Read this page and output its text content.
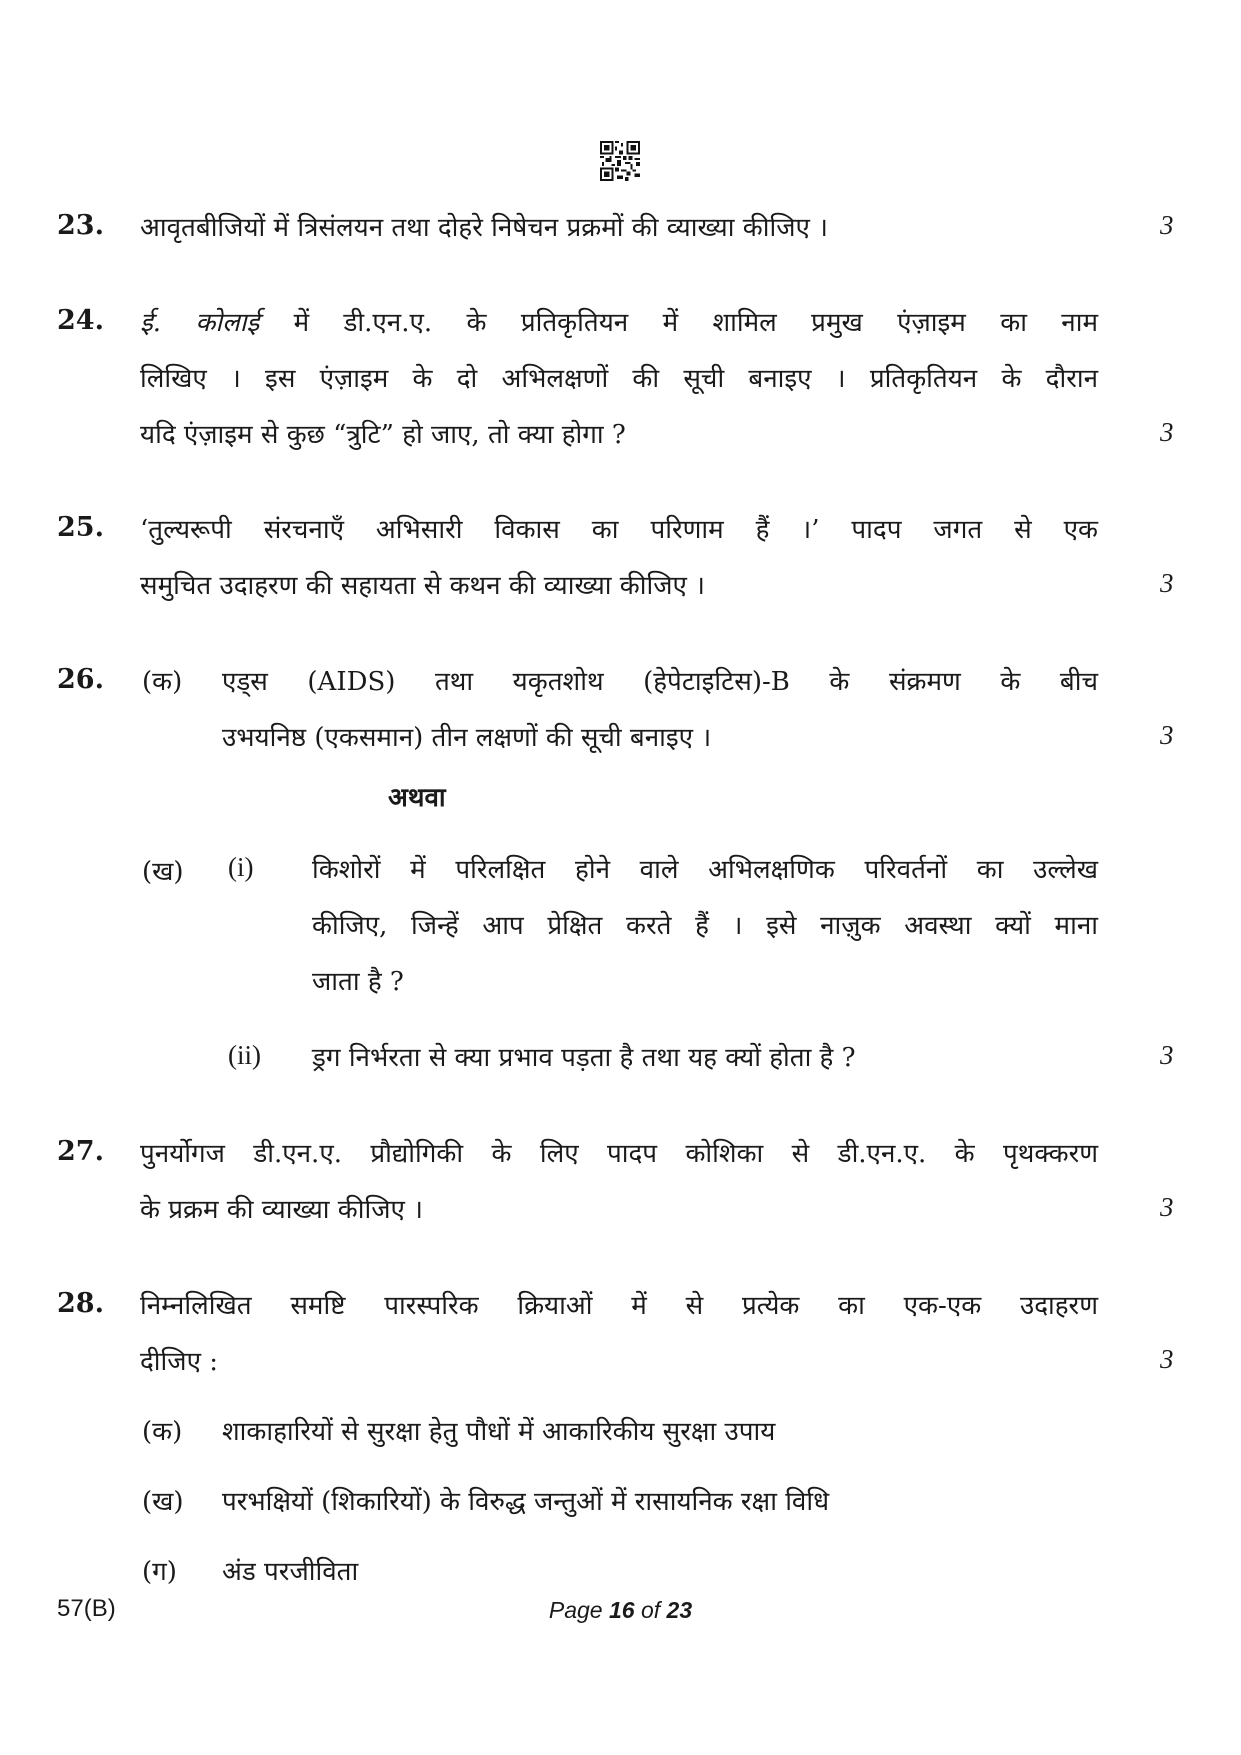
23. आवृतबीजियों में त्रिसंलयन तथा दोहरे निषेचन प्रक्रमों की व्याख्या कीजिए ।	3
24. ई. कोलाई में डी.एन.ए. के प्रतिकृतियन में शामिल प्रमुख एंज़ाइम का नाम
लिखिए । इस एंज़ाइम के दो अभिलक्षणों की सूची बनाइए । प्रतिकृतियन के दौरान
यदि एंज़ाइम से कुछ “त्रुटि” हो जाए, तो क्या होगा ?	3
25. ‘तुल्यरूपी संरचनाएँ अभिसारी विकास का परिणाम हैं ।’ पादप जगत से एक
समुचित उदाहरण की सहायता से कथन की व्याख्या कीजिए ।	3
26. (क) एड्स (AIDS) तथा यकृतशोथ (हेपेटाइटिस)-B के संक्रमण के बीच
उभयनिष्ठ (एकसमान) तीन लक्षणों की सूची बनाइए ।	3
अथवा
(ख) (i) किशोरों में परिलक्षित होने वाले अभिलक्षणिक परिवर्तनों का उल्लेख
कीजिए, जिन्हें आप प्रेक्षित करते हैं । इसे नाज़ुक अवस्था क्यों माना
जाता है ?
(ii) ड्रग निर्भरता से क्या प्रभाव पड़ता है तथा यह क्यों होता है ?	3
27. पुनर्योगज डी.एन.ए. प्रौद्योगिकी के लिए पादप कोशिका से डी.एन.ए. के पृथक्करण
के प्रक्रम की व्याख्या कीजिए ।	3
28. निम्नलिखित समष्टि पारस्परिक क्रियाओं में से प्रत्येक का एक-एक उदाहरण
दीजिए :	3
(क) शाकाहारियों से सुरक्षा हेतु पौधों में आकारिकीय सुरक्षा उपाय
(ख) परभक्षियों (शिकारियों) के विरुद्ध जन्तुओं में रासायनिक रक्षा विधि
(ग) अंड परजीविता
57(B)	Page 16 of 23
